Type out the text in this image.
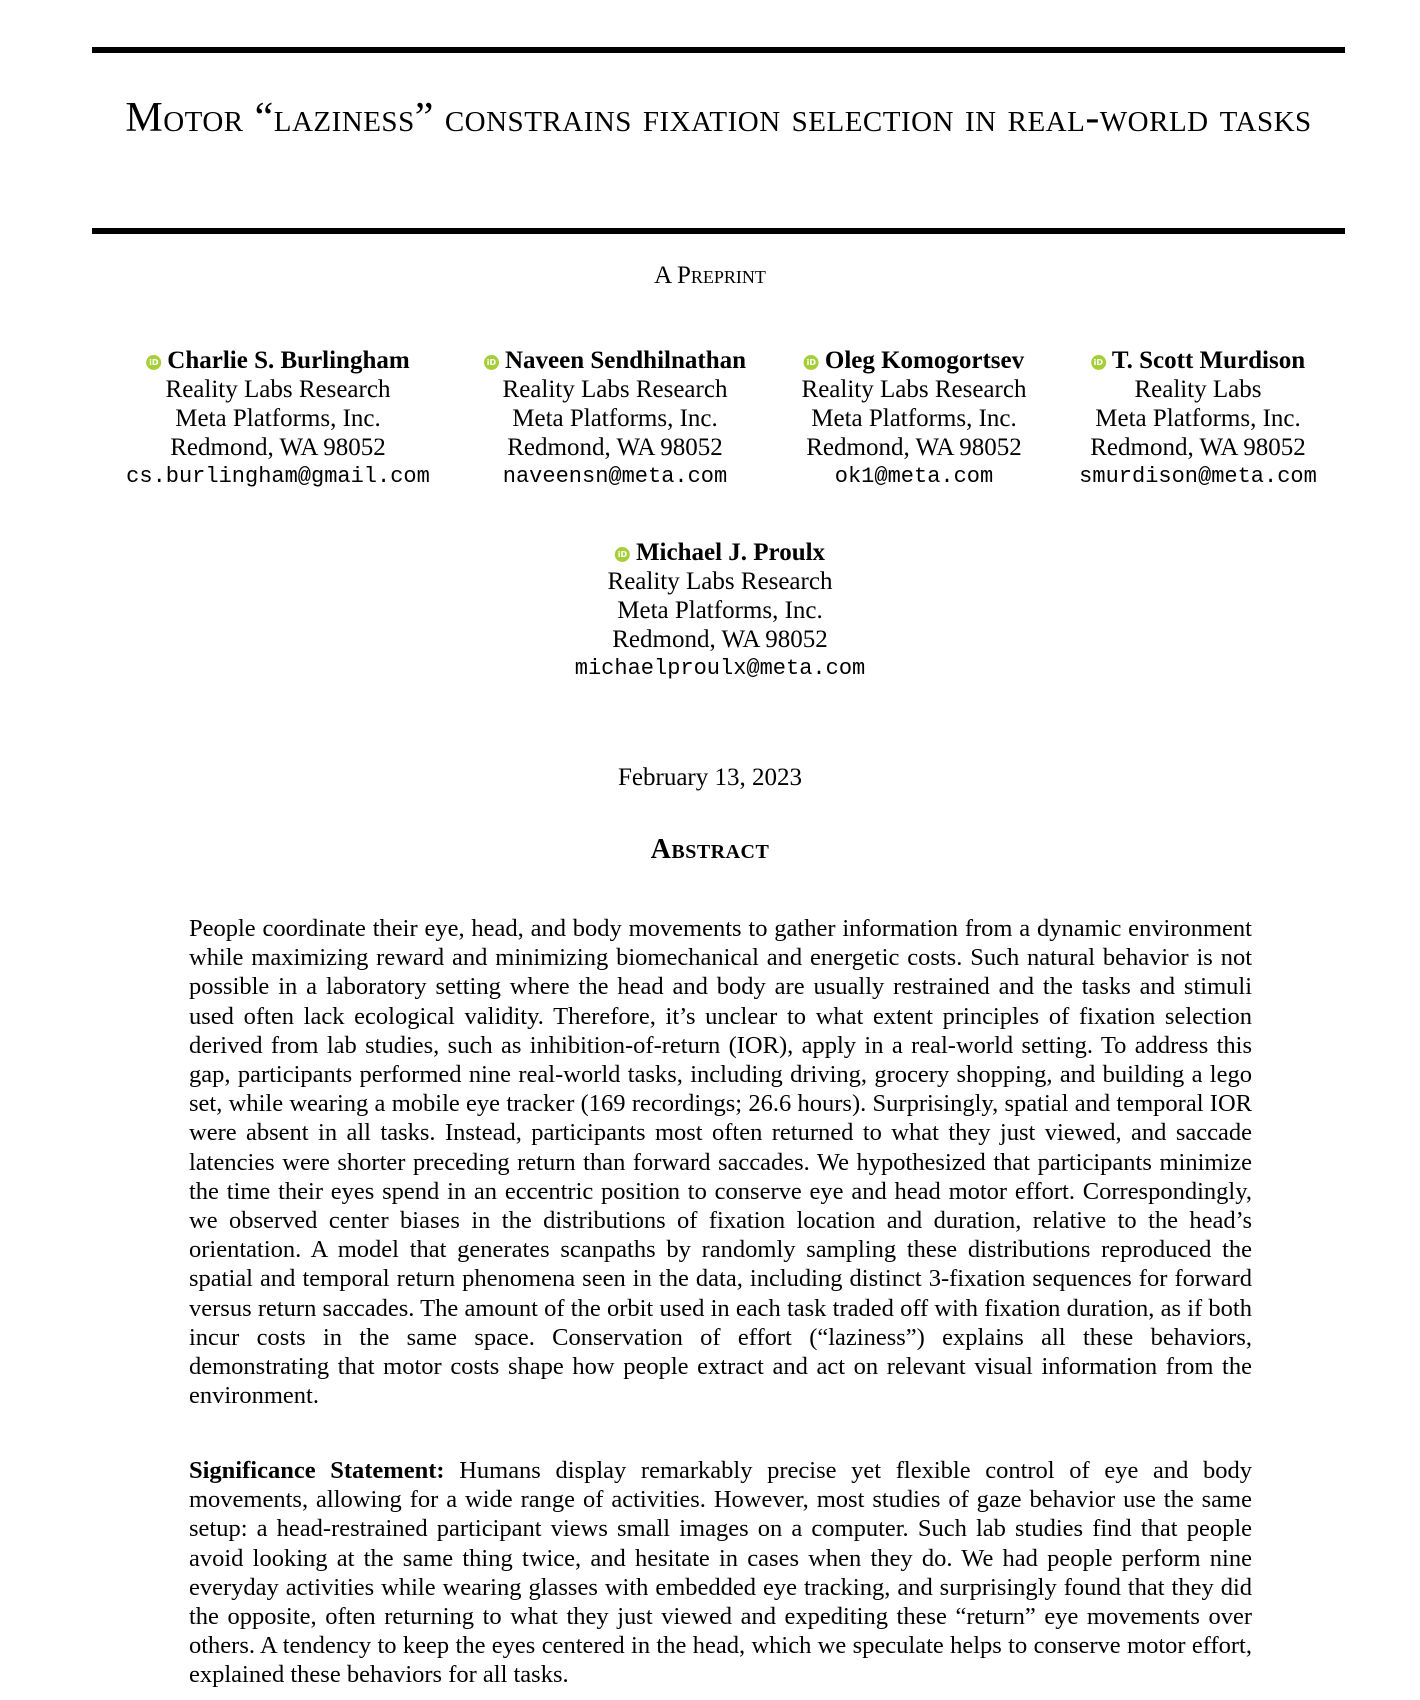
Motor “laziness” constrains fixation selection in real-world tasks
A Preprint
iD Charlie S. Burlingham
Reality Labs Research
Meta Platforms, Inc.
Redmond, WA 98052
cs.burlingham@gmail.com
iD Naveen Sendhilnathan
Reality Labs Research
Meta Platforms, Inc.
Redmond, WA 98052
naveensn@meta.com
iD Oleg Komogortsev
Reality Labs Research
Meta Platforms, Inc.
Redmond, WA 98052
ok1@meta.com
iD T. Scott Murdison
Reality Labs
Meta Platforms, Inc.
Redmond, WA 98052
smurdison@meta.com
iD Michael J. Proulx
Reality Labs Research
Meta Platforms, Inc.
Redmond, WA 98052
michaelproulx@meta.com
February 13, 2023
Abstract

People coordinate their eye, head, and body movements to gather information from a dynamic environment while maximizing reward and minimizing biomechanical and energetic costs. Such natural behavior is not possible in a laboratory setting where the head and body are usually restrained and the tasks and stimuli used often lack ecological validity. Therefore, it’s unclear to what extent principles of fixation selection derived from lab studies, such as inhibition-of-return (IOR), apply in a real-world setting. To address this gap, participants performed nine real-world tasks, including driving, grocery shopping, and building a lego set, while wearing a mobile eye tracker (169 recordings; 26.6 hours). Surprisingly, spatial and temporal IOR were absent in all tasks. Instead, participants most often returned to what they just viewed, and saccade latencies were shorter preceding return than forward saccades. We hypothesized that participants minimize the time their eyes spend in an eccentric position to conserve eye and head motor effort. Correspondingly, we observed center biases in the distributions of fixation location and duration, relative to the head’s orientation. A model that generates scanpaths by randomly sampling these distributions reproduced the spatial and temporal return phenomena seen in the data, including distinct 3-fixation sequences for forward versus return saccades. The amount of the orbit used in each task traded off with fixation duration, as if both incur costs in the same space. Conservation of effort (“laziness”) explains all these behaviors, demonstrating that motor costs shape how people extract and act on relevant visual information from the environment.

Significance Statement: Humans display remarkably precise yet flexible control of eye and body movements, allowing for a wide range of activities. However, most studies of gaze behavior use the same setup: a head-restrained participant views small images on a computer. Such lab studies find that people avoid looking at the same thing twice, and hesitate in cases when they do. We had people perform nine everyday activities while wearing glasses with embedded eye tracking, and surprisingly found that they did the opposite, often returning to what they just viewed and expediting these “return” eye movements over others. A tendency to keep the eyes centered in the head, which we speculate helps to conserve motor effort, explained these behaviors for all tasks.
